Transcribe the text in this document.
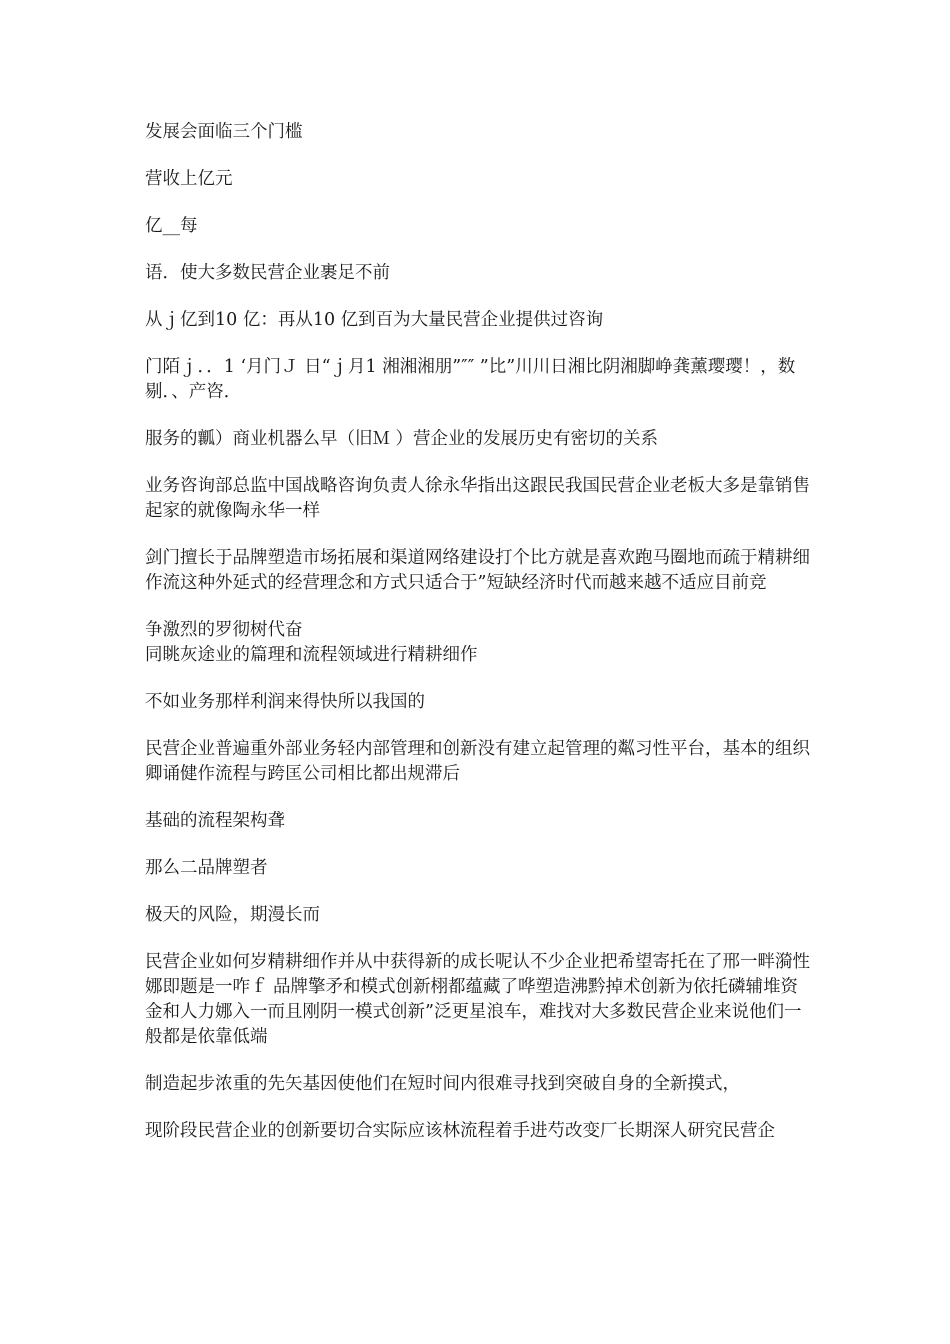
发展会面临三个门槛

营收上亿元

亿__每

语．使大多数民营企业裹足不前

从ｊ亿到10 亿：再从10 亿到百为大量民营企业提供过咨询

门陌ｊ．．1 ‘月门Ｊ 日“ｊ月1 湘湘湘朋”″″ ”比”川川日湘比阴湘脚峥龚薰璎璎！，数剔．、产咨．

服务的瓤）商业机器么早（旧Ｍ ）营企业的发展历史有密切的关系

业务咨询部总监中国战略咨询负责人徐永华指出这跟民我国民营企业老板大多是靠销售起家的就像陶永华一样

剑门擅长于品牌塑造市场拓展和渠道网络建设打个比方就是喜欢跑马圈地而疏于精耕细作流这种外延式的经营理念和方式只适合于”短缺经济时代而越来越不适应目前竞

争激烈的罗彻树代奋

同眺灰途业的篇理和流程领域进行精耕细作

不如业务那样利润来得快所以我国的

民营企业普遍重外部业务轻内部管理和创新没有建立起管理的粼习性平台，基本的组织卿诵健作流程与跨匡公司相比都出规滞后

基础的流程架构聋

那么二品牌塑者

极天的风险，期漫长而

民营企业如何岁精耕细作并从中获得新的成长呢认不少企业把希望寄托在了邢一畔漪性娜即题是一咋ｆ 品牌擎矛和模式创新栩都蕴藏了哗塑造沸黔掉术创新为依托磷辅堆资金和人力娜入一而且刚阴一模式创新”泛更星浪车，难找对大多数民营企业来说他们一般都是依靠低端

制造起步浓重的先矢基因使他们在短时间内很难寻找到突破自身的全新摸式，

现阶段民营企业的创新要切合实际应该林流程着手进芍改变厂长期深人研究民营企
